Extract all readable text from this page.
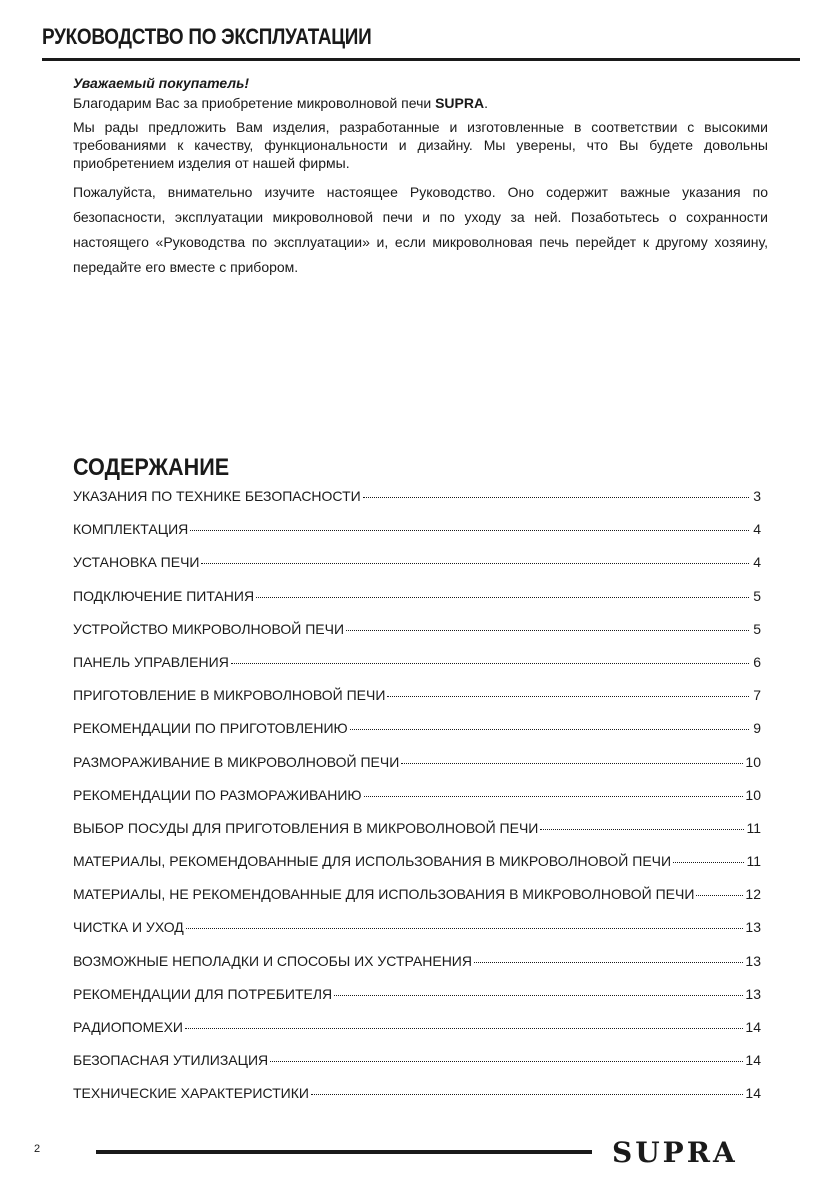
РУКОВОДСТВО ПО ЭКСПЛУАТАЦИИ
Уважаемый покупатель!

Благодарим Вас за приобретение микроволновой печи SUPRA.

Мы рады предложить Вам изделия, разработанные и изготовленные в соответствии с высокими требованиями к качеству, функциональности и дизайну. Мы уверены, что Вы будете довольны приобретением изделия от нашей фирмы.

Пожалуйста, внимательно изучите настоящее Руководство. Оно содержит важные указания по безопасности, эксплуатации микроволновой печи и по уходу за ней. Позаботьтесь о сохранности настоящего «Руководства по эксплуатации» и, если микроволновая печь перейдет к другому хозяину, передайте его вместе с прибором.

СОДЕРЖАНИЕ
УКАЗАНИЯ ПО ТЕХНИКЕ БЕЗОПАСНОСТИ	3
КОМПЛЕКТАЦИЯ	4
УСТАНОВКА ПЕЧИ	4
ПОДКЛЮЧЕНИЕ ПИТАНИЯ	5
УСТРОЙСТВО МИКРОВОЛНОВОЙ ПЕЧИ	5
ПАНЕЛЬ УПРАВЛЕНИЯ	6
ПРИГОТОВЛЕНИЕ В МИКРОВОЛНОВОЙ ПЕЧИ	7
РЕКОМЕНДАЦИИ ПО ПРИГОТОВЛЕНИЮ	9
РАЗМОРАЖИВАНИЕ В МИКРОВОЛНОВОЙ ПЕЧИ	10
РЕКОМЕНДАЦИИ ПО РАЗМОРАЖИВАНИЮ	10
ВЫБОР ПОСУДЫ ДЛЯ ПРИГОТОВЛЕНИЯ В МИКРОВОЛНОВОЙ ПЕЧИ	11
МАТЕРИАЛЫ, РЕКОМЕНДОВАННЫЕ ДЛЯ ИСПОЛЬЗОВАНИЯ В МИКРОВОЛНОВОЙ ПЕЧИ	11
МАТЕРИАЛЫ, НЕ РЕКОМЕНДОВАННЫЕ ДЛЯ ИСПОЛЬЗОВАНИЯ В МИКРОВОЛНОВОЙ ПЕЧИ	12
ЧИСТКА И УХОД	13
ВОЗМОЖНЫЕ НЕПОЛАДКИ И СПОСОБЫ ИХ УСТРАНЕНИЯ	13
РЕКОМЕНДАЦИИ ДЛЯ ПОТРЕБИТЕЛЯ	13
РАДИОПОМЕХИ	14
БЕЗОПАСНАЯ УТИЛИЗАЦИЯ	14
ТЕХНИЧЕСКИЕ ХАРАКТЕРИСТИКИ	14
2	SUPRA
